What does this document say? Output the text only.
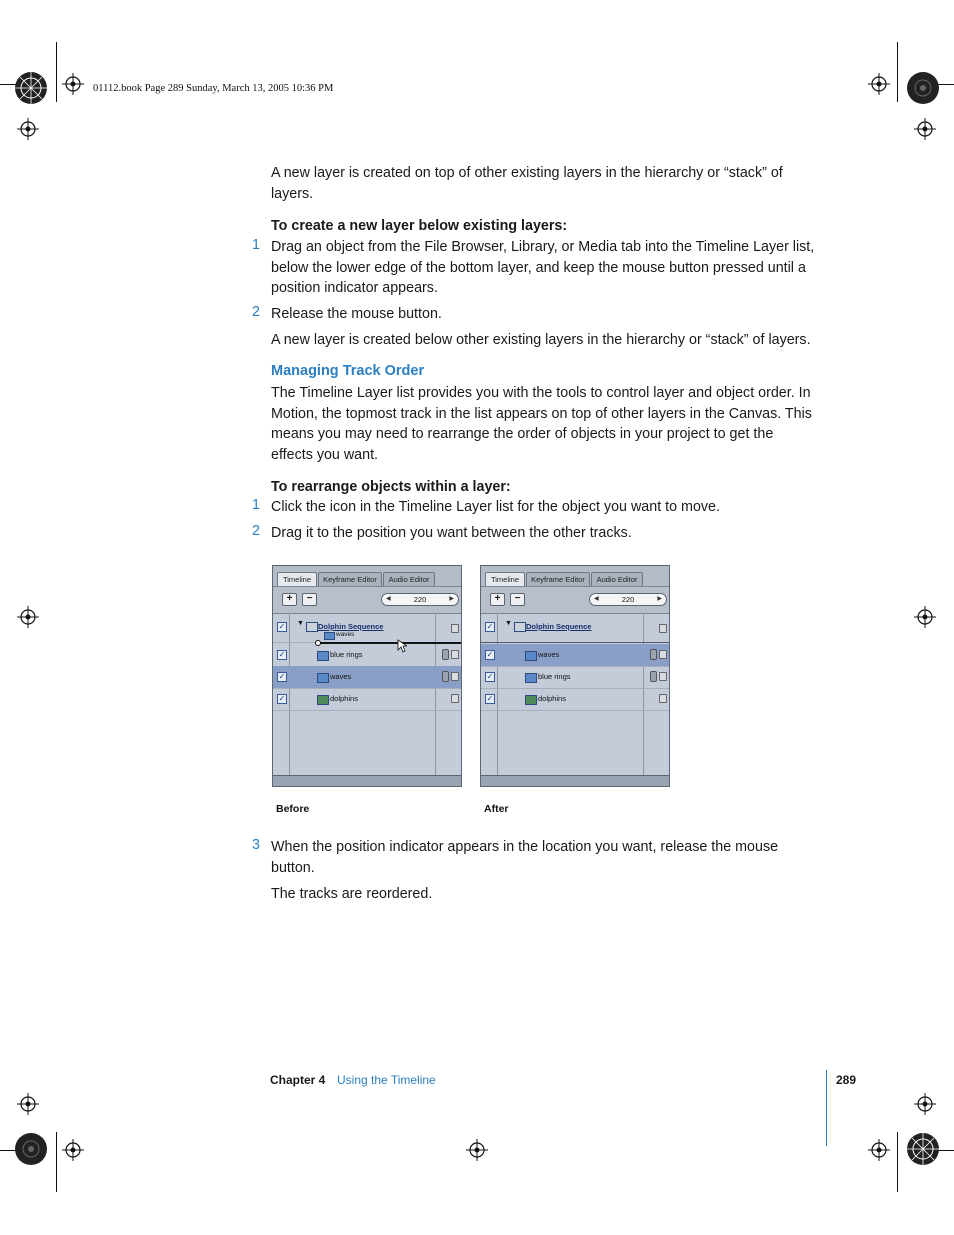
01112.book Page 289 Sunday, March 13, 2005 10:36 PM
A new layer is created on top of other existing layers in the hierarchy or “stack” of layers.
To create a new layer below existing layers:
1 Drag an object from the File Browser, Library, or Media tab into the Timeline Layer list, below the lower edge of the bottom layer, and keep the mouse button pressed until a position indicator appears.
2 Release the mouse button.
A new layer is created below other existing layers in the hierarchy or “stack” of layers.
Managing Track Order
The Timeline Layer list provides you with the tools to control layer and object order. In Motion, the topmost track in the list appears on top of other layers in the Canvas. This means you may need to rearrange the order of objects in your project to get the effects you want.
To rearrange objects within a layer:
1 Click the icon in the Timeline Layer list for the object you want to move.
2 Drag it to the position you want between the other tracks.
Timeline	Keyframe Editor	Audio Editor
+	−	◀	220	▶
✓ ▼ Dolphin Sequence
waves
✓	blue rings
✓	waves
✓	dolphins
Before
Timeline	Keyframe Editor	Audio Editor
+	−	◀	220	▶
✓ ▼ Dolphin Sequence
✓	waves
✓	blue rings
✓	dolphins
After
3 When the position indicator appears in the location you want, release the mouse button.
The tracks are reordered.
Chapter 4 Using the Timeline	289
